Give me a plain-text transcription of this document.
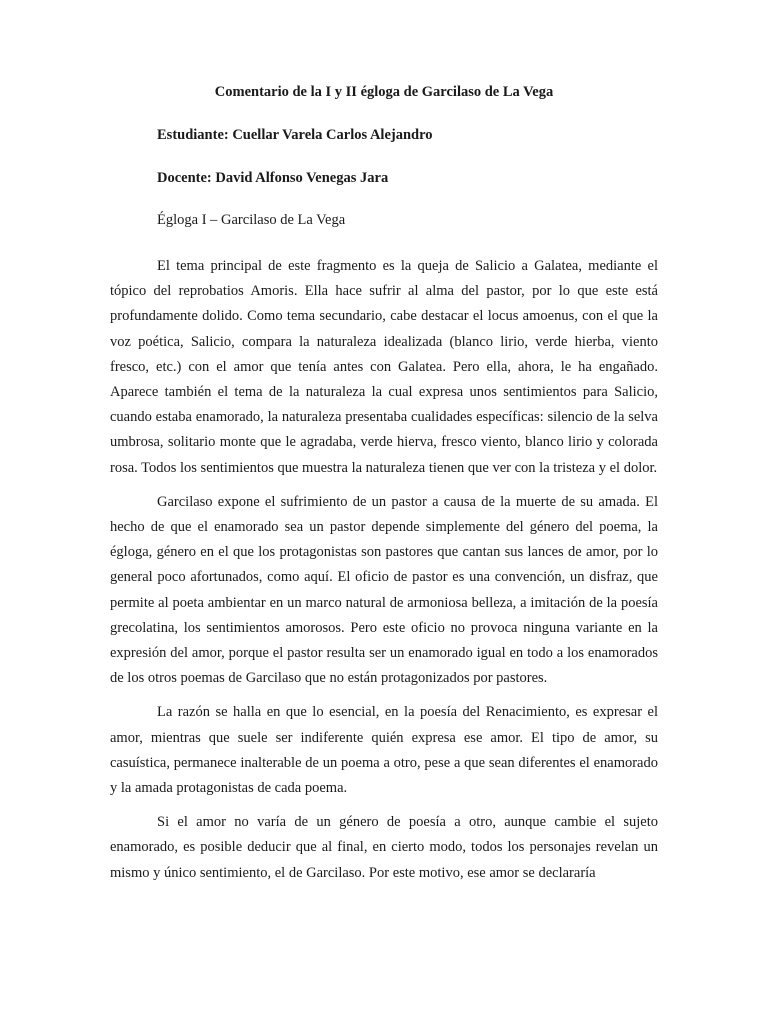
Comentario de la I y II égloga de Garcilaso de La Vega

Estudiante: Cuellar Varela Carlos Alejandro

Docente: David Alfonso Venegas Jara

Égloga I – Garcilaso de La Vega

El tema principal de este fragmento es la queja de Salicio a Galatea, mediante el tópico del reprobatios Amoris. Ella hace sufrir al alma del pastor, por lo que este está profundamente dolido. Como tema secundario, cabe destacar el locus amoenus, con el que la voz poética, Salicio, compara la naturaleza idealizada (blanco lirio, verde hierba, viento fresco, etc.) con el amor que tenía antes con Galatea. Pero ella, ahora, le ha engañado. Aparece también el tema de la naturaleza la cual expresa unos sentimientos para Salicio, cuando estaba enamorado, la naturaleza presentaba cualidades específicas: silencio de la selva umbrosa, solitario monte que le agradaba, verde hierva, fresco viento, blanco lirio y colorada rosa. Todos los sentimientos que muestra la naturaleza tienen que ver con la tristeza y el dolor.

Garcilaso expone el sufrimiento de un pastor a causa de la muerte de su amada. El hecho de que el enamorado sea un pastor depende simplemente del género del poema, la égloga, género en el que los protagonistas son pastores que cantan sus lances de amor, por lo general poco afortunados, como aquí. El oficio de pastor es una convención, un disfraz, que permite al poeta ambientar en un marco natural de armoniosa belleza, a imitación de la poesía grecolatina, los sentimientos amorosos. Pero este oficio no provoca ninguna variante en la expresión del amor, porque el pastor resulta ser un enamorado igual en todo a los enamorados de los otros poemas de Garcilaso que no están protagonizados por pastores.

La razón se halla en que lo esencial, en la poesía del Renacimiento, es expresar el amor, mientras que suele ser indiferente quién expresa ese amor. El tipo de amor, su casuística, permanece inalterable de un poema a otro, pese a que sean diferentes el enamorado y la amada protagonistas de cada poema.

Si el amor no varía de un género de poesía a otro, aunque cambie el sujeto enamorado, es posible deducir que al final, en cierto modo, todos los personajes revelan un mismo y único sentimiento, el de Garcilaso. Por este motivo, ese amor se declararía
